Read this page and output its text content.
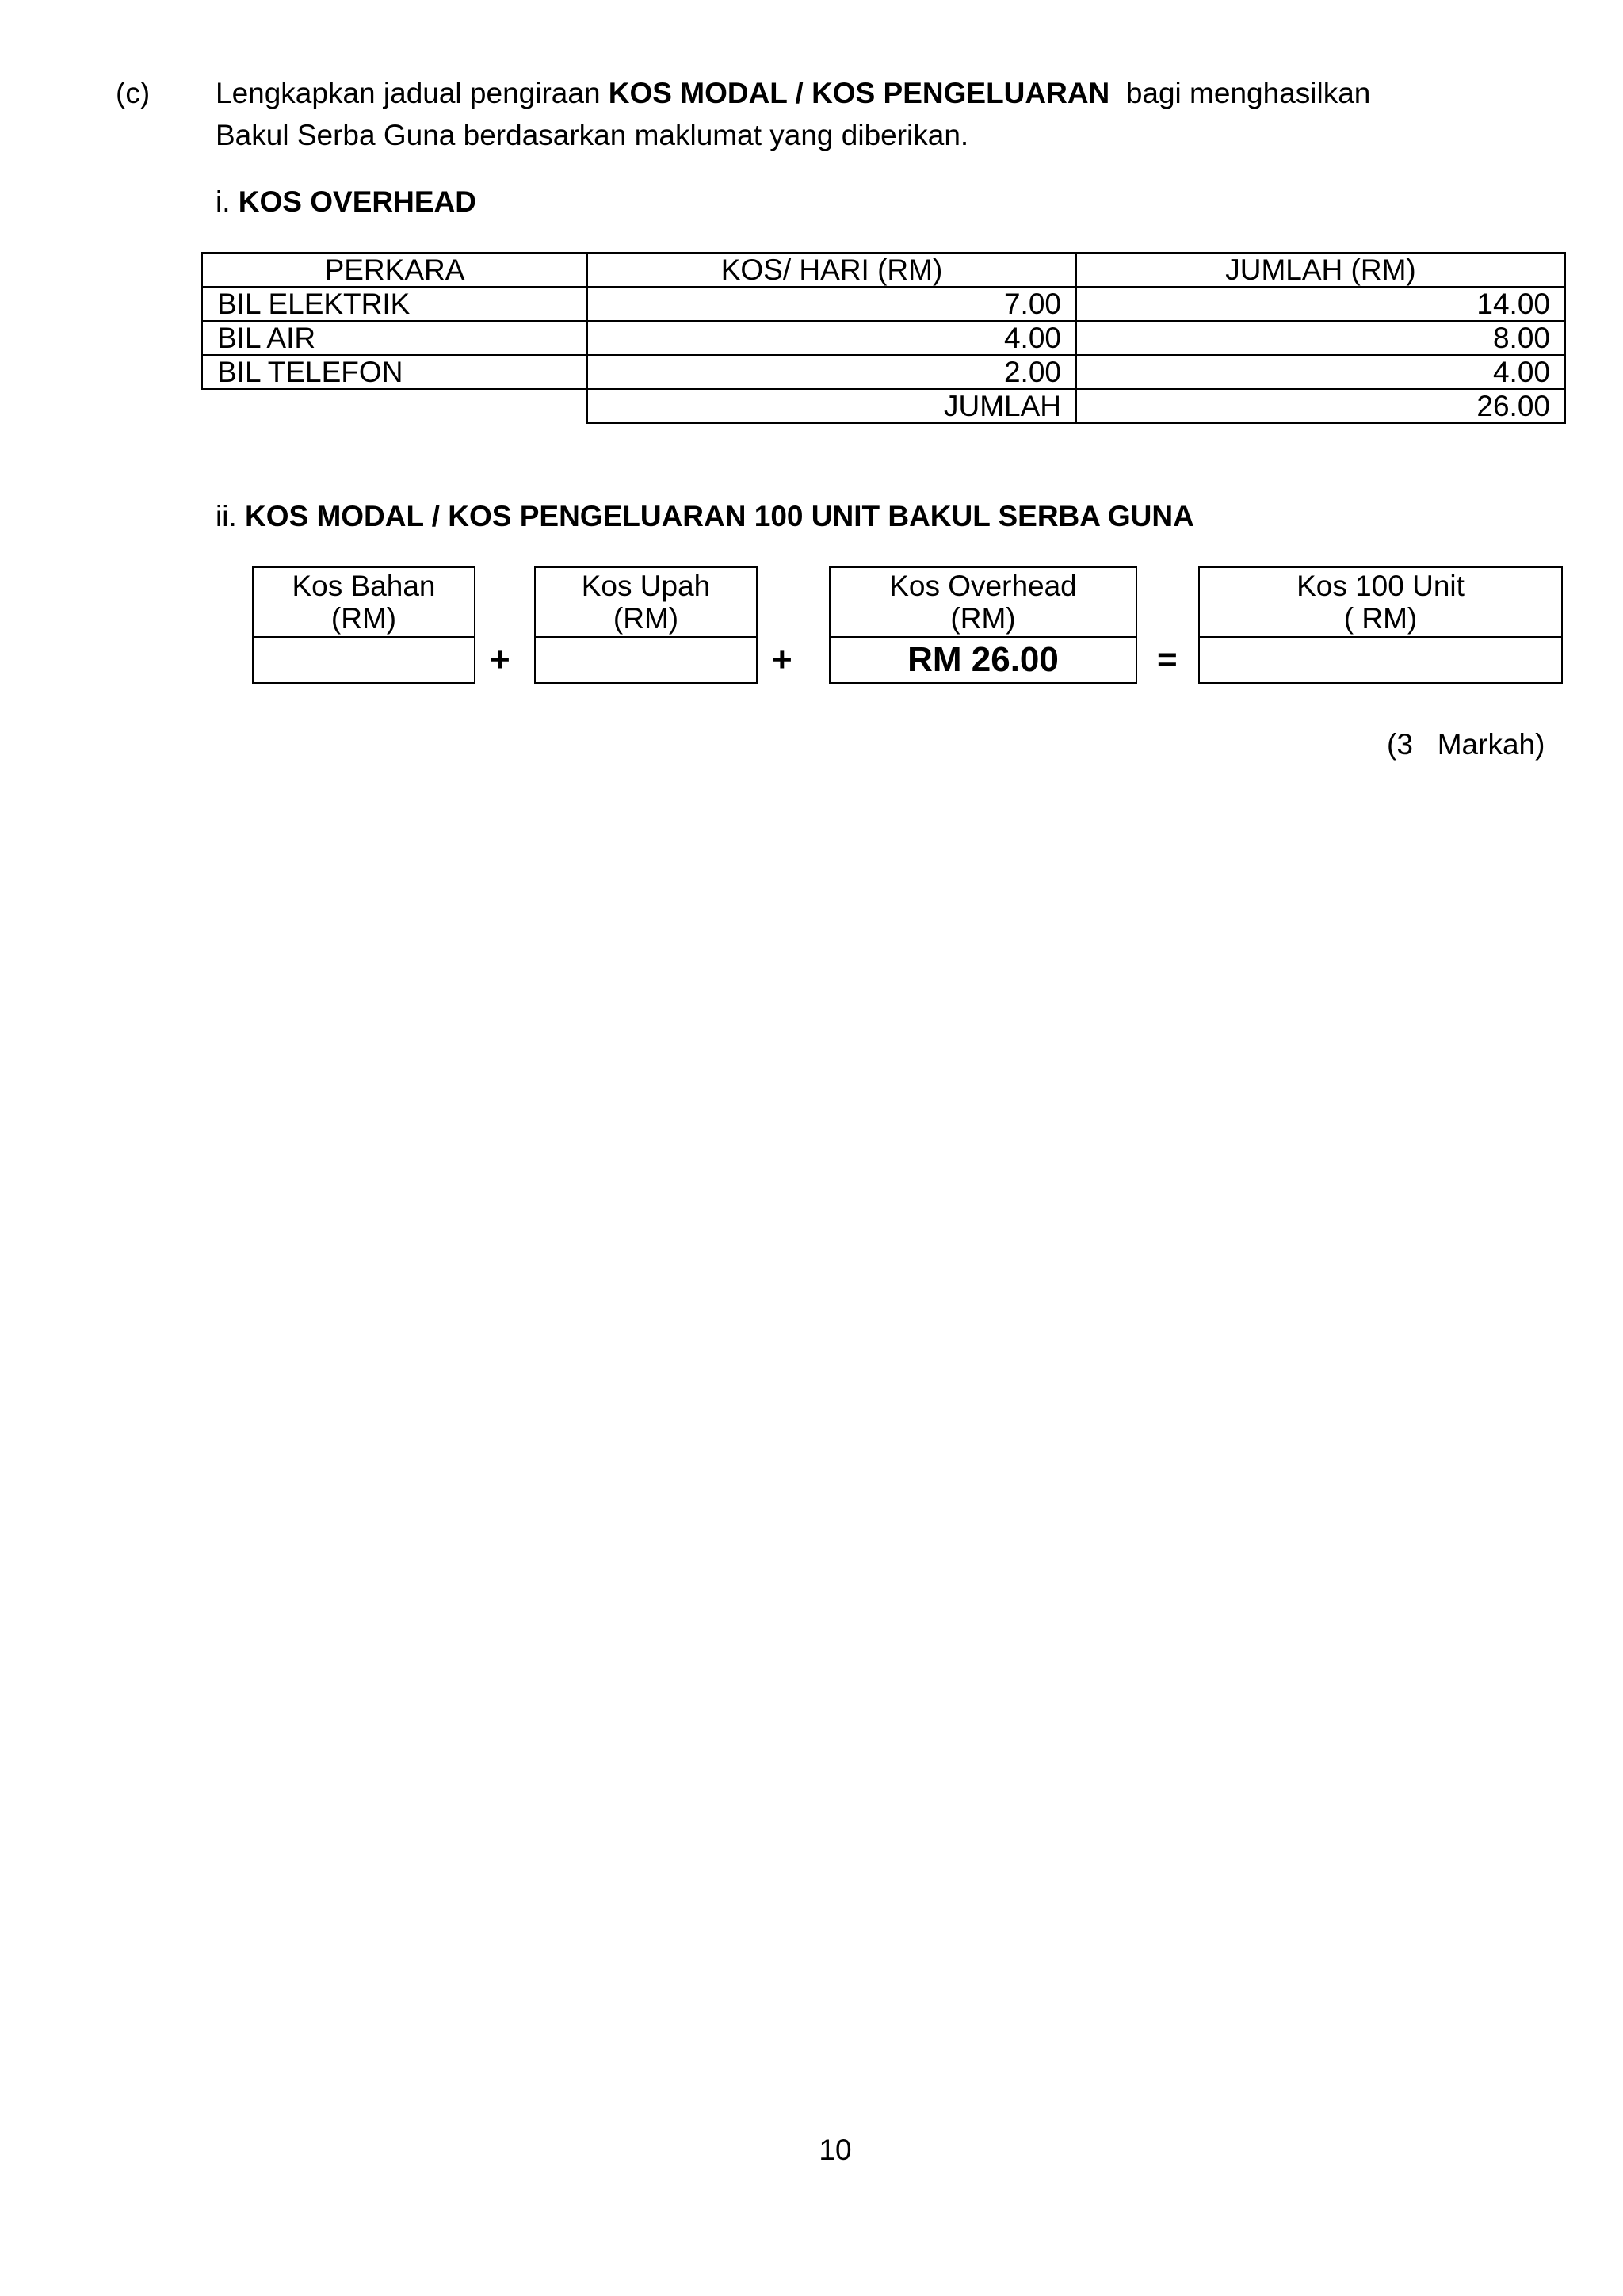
(c) Lengkapkan jadual pengiraan KOS MODAL / KOS PENGELUARAN  bagi menghasilkan
Bakul Serba Guna berdasarkan maklumat yang diberikan.
i. KOS OVERHEAD
PERKARA	KOS/ HARI (RM)	JUMLAH (RM)
BIL ELEKTRIK	7.00	14.00
BIL AIR	4.00	8.00
BIL TELEFON	2.00	4.00
	JUMLAH	26.00
ii. KOS MODAL / KOS PENGELUARAN 100 UNIT BAKUL SERBA GUNA
Kos Bahan
(RM)
+
Kos Upah
(RM)
+
Kos Overhead
(RM)
RM 26.00	=
Kos 100 Unit
( RM)
(3   Markah)
10
